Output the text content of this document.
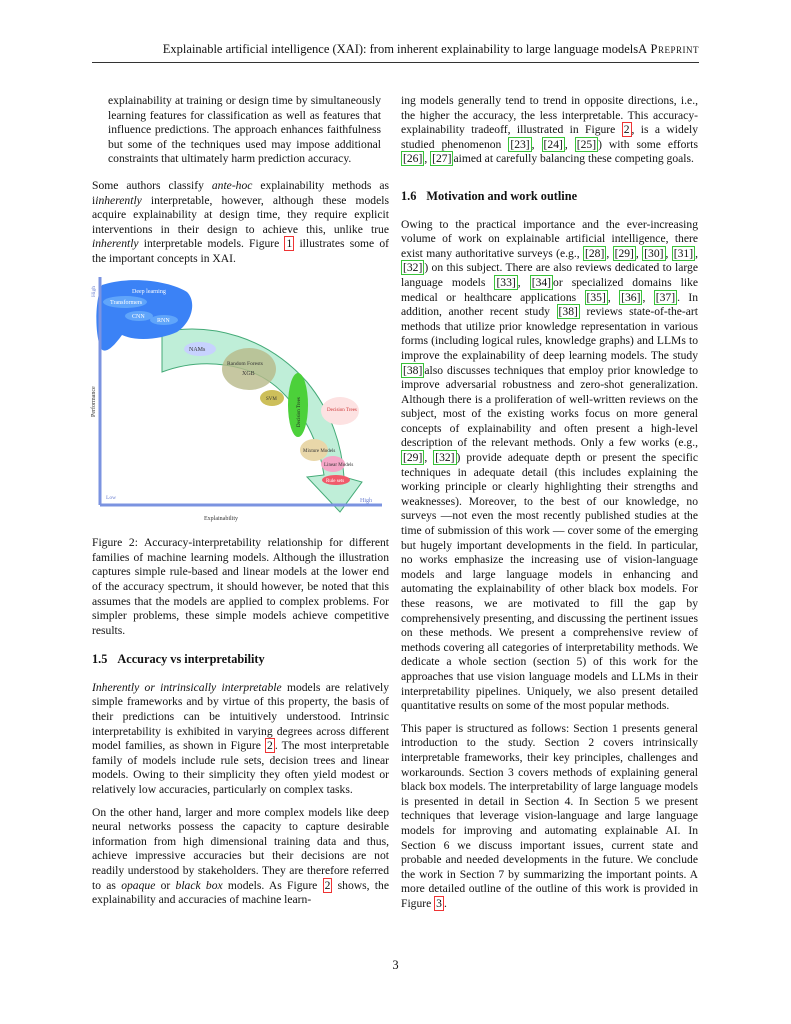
Explainable artificial intelligence (XAI): from inherent explainability to large language modelsA Preprint

explainability at training or design time by simultaneously learning features for classification as well as features that influence predictions. The approach enhances faithfulness but some of the techniques used may impose additional constraints that ultimately harm prediction accuracy.

Some authors classify ante-hoc explainability methods as iinherently interpretable, however, although these models acquire explainability at design time, they require explicit interventions in their design to achieve this, unlike true inherently interpretable models. Figure 1 illustrates some of the important concepts in XAI.

Deep learning
Transformers
CNN
RNN
NAMs
Random Forests
XGB
SVM	Decision Trees	Decision Trees
Mixture Models
Linear Models
Rule sets
High
Performance
Low	High
Explainability

Figure 2: Accuracy-interpretability relationship for different families of machine learning models. Although the illustration captures simple rule-based and linear models at the lower end of the accuracy spectrum, it should however, be noted that this assumes that the models are applied to complex problems. For simpler problems, these simple models achieve competitive results.

1.5 Accuracy vs interpretability

Inherently or intrinsically interpretable models are relatively simple frameworks and by virtue of this property, the basis of their predictions can be intuitively understood. Intrinsic interpretability is exhibited in varying degrees across different model families, as shown in Figure 2 . The most interpretable family of models include rule sets, decision trees and linear models. Owing to their simplicity they often yield modest or relatively low accuracies, particularly on complex tasks.

On the other hand, larger and more complex models like deep neural networks possess the capacity to capture desirable information from high dimensional training data and thus, achieve impressive accuracies but their decisions are not readily understood by stakeholders. They are therefore referred to as opaque or black box models. As Figure 2 shows, the explainability and accuracies of machine learn-

ing models generally tend to trend in opposite directions, i.e., the higher the accuracy, the less interpretable. This accuracy-explainability tradeoff, illustrated in Figure 2 , is a widely studied phenomenon [23] , [24] , [25] ) with some efforts [26] , [27] aimed at carefully balancing these competing goals.

1.6 Motivation and work outline

Owing to the practical importance and the ever-increasing volume of work on explainable artificial intelligence, there exist many authoritative surveys (e.g., [28] , [29] , [30] , [31] , [32] ) on this subject. There are also reviews dedicated to large language models [33] , [34] or specialized domains like medical or healthcare applications [35] , [36] , [37] . In addition, another recent study [38] reviews state-of-the-art methods that utilize prior knowledge representation in various forms (including logical rules, knowledge graphs) and LLMs to improve the explainability of deep learning models. The study [38] also discusses techniques that employ prior knowledge to improve adversarial robustness and zero-shot generalization. Although there is a proliferation of well-written reviews on the subject, most of the existing works focus on more general concepts of explainability and often present a high-level description of the relevant methods. Only a few works (e.g., [29] , [32] ) provide adequate depth or present the specific techniques in adequate detail (this includes explaining the working principle or clearly highlighting their strengths and weaknesses). Moreover, to the best of our knowledge, no surveys —not even the most recently published studies at the time of submission of this work — cover some of the emerging but hugely important developments in the field. In particular, no works emphasize the increasing use of vision-language models and large language models in enhancing and automating the explainability of other black box models. For these reasons, we are motivated to fill the gap by comprehensively presenting, and discussing the pertinent issues on these methods. We present a comprehensive review of methods covering all categories of interpretability methods. We dedicate a whole section (section 5) of this work for the approaches that use vision language models and LLMs in their interpretability pipelines. Uniquely, we also present detailed quantitative results on some of the most popular methods.

This paper is structured as follows: Section 1 presents general introduction to the study. Section 2 covers intrinsically interpretable frameworks, their key principles, challenges and workarounds. Section 3 covers methods of explaining general black box models. The interpretability of large language models is presented in detail in Section 4. In Section 5 we present techniques that leverage vision-language and large language models for improving and automating explainable AI. In Section 6 we discuss important issues, current state and probable and needed developments in the future. We conclude the work in Section 7 by summarizing the important points. A more detailed outline of the outline of this work is provided in Figure 3 .

3
